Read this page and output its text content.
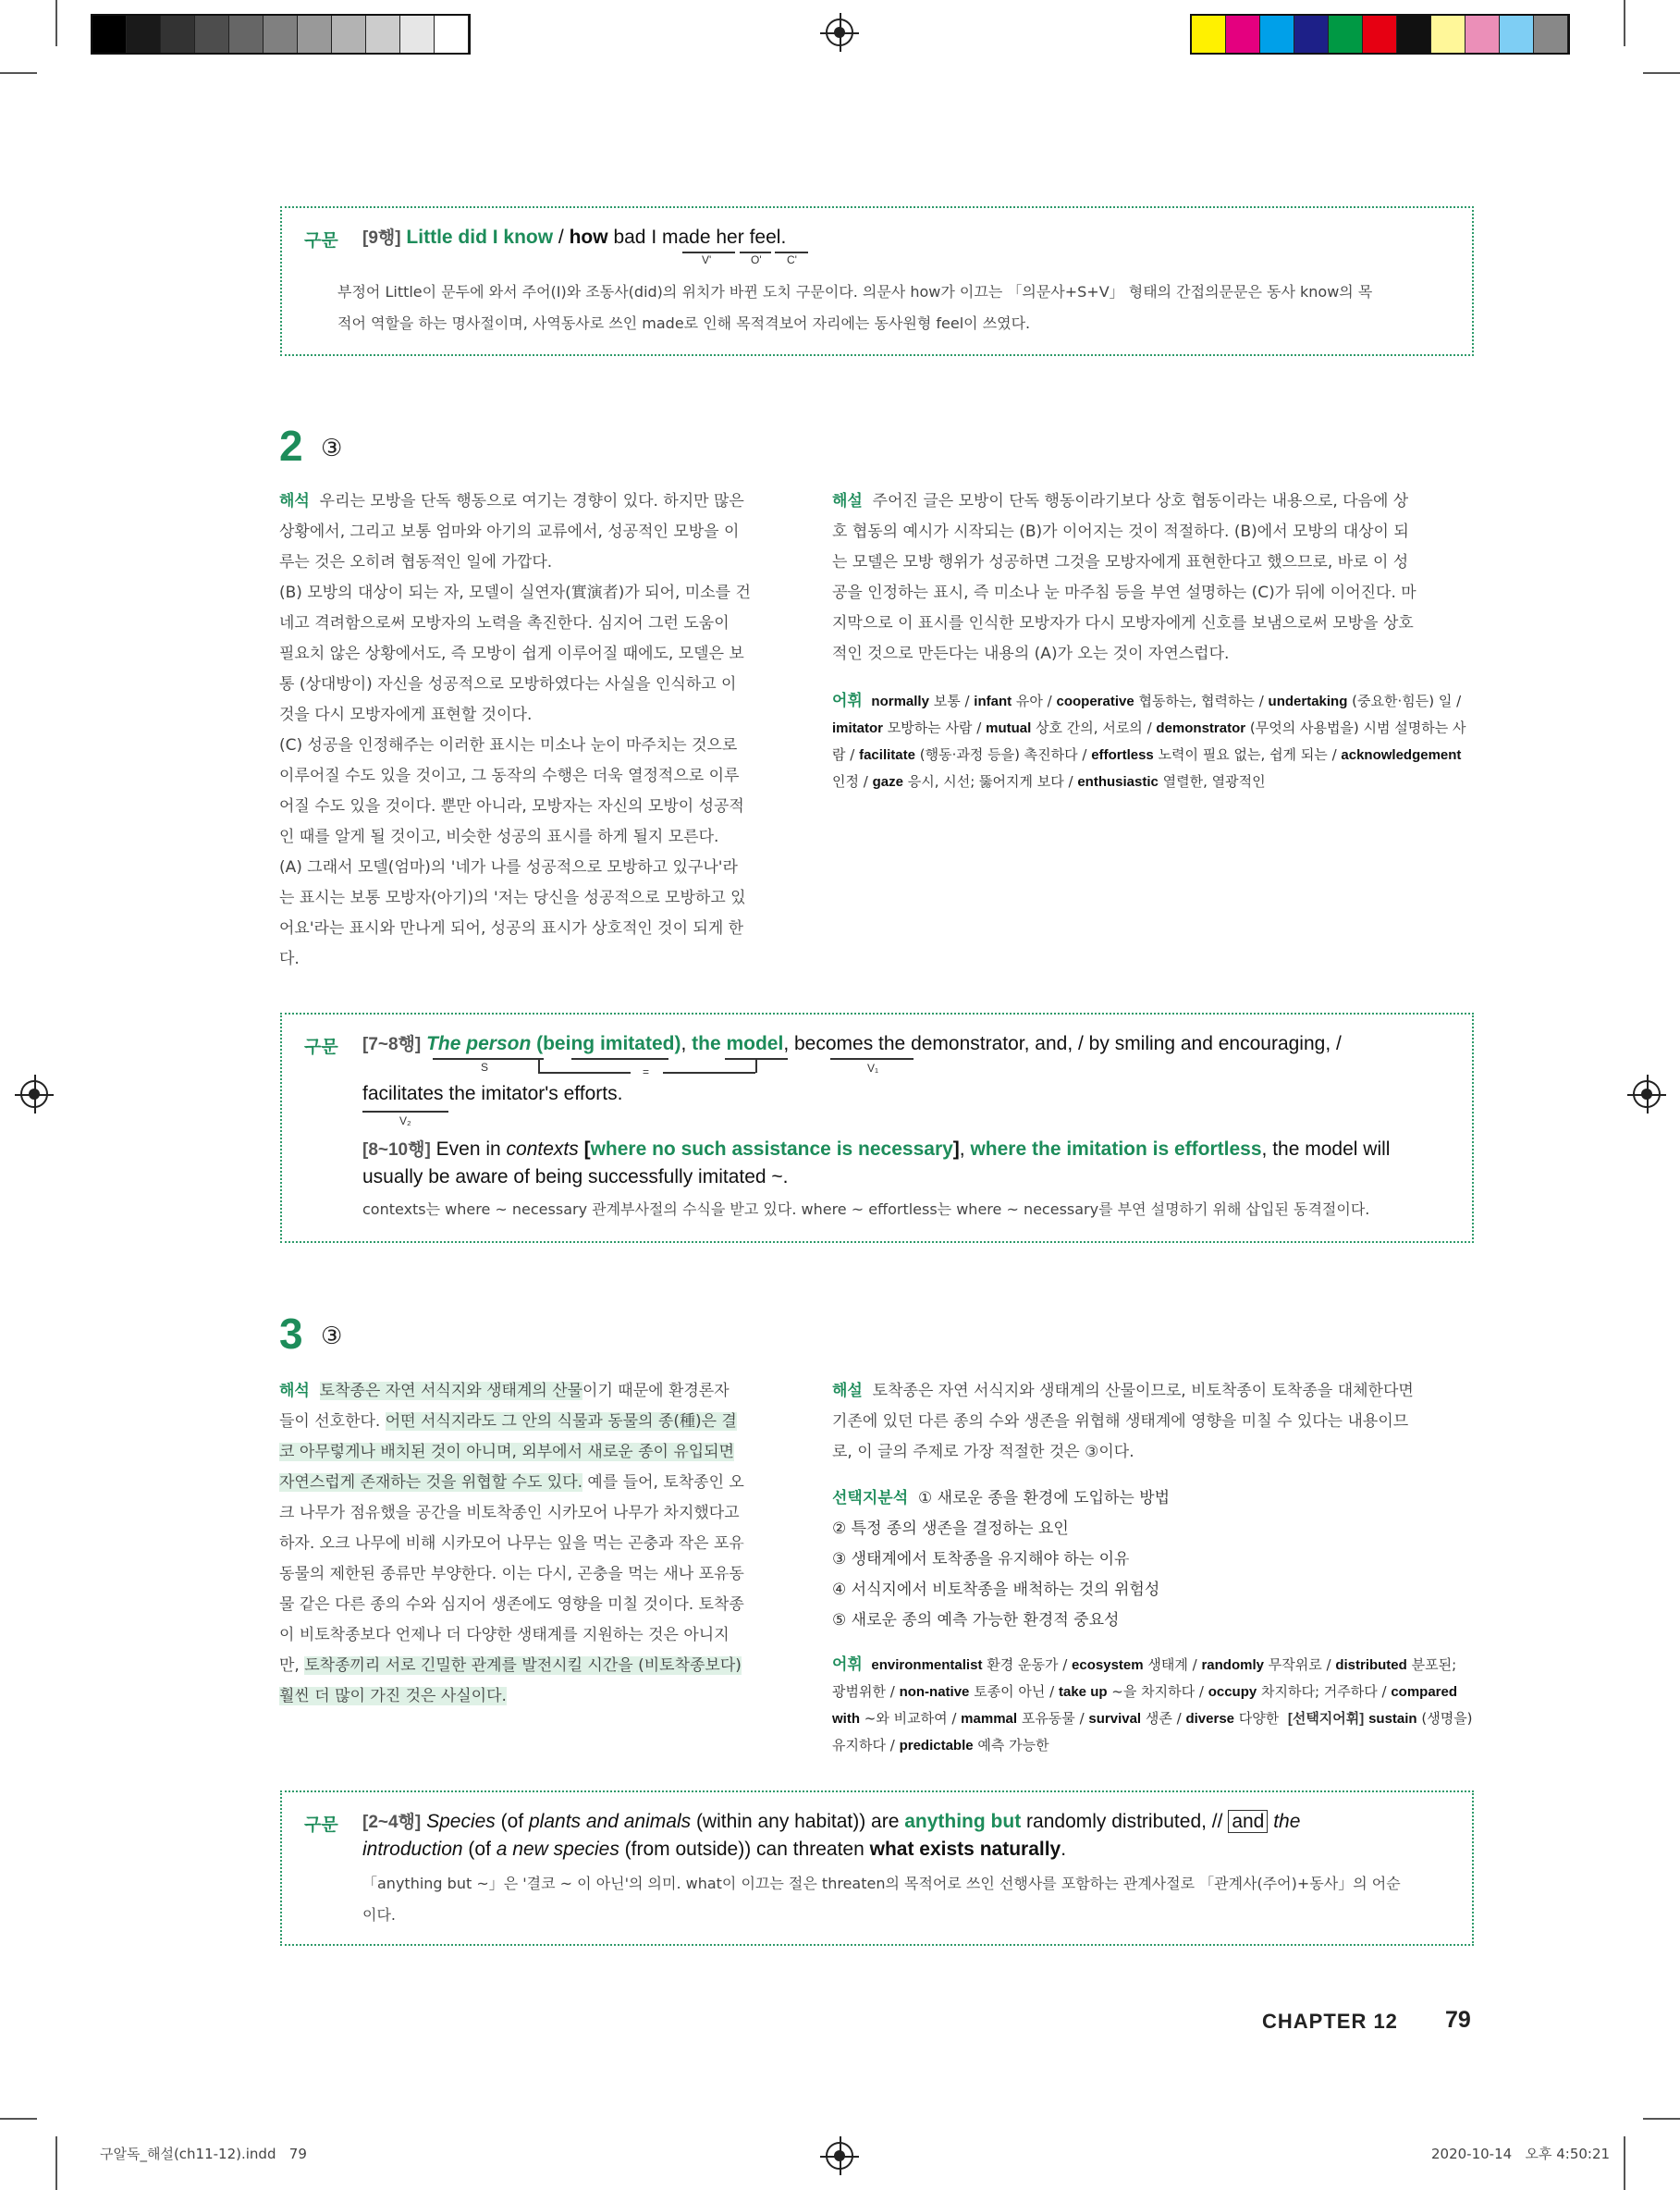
구문 [9행] Little did I know / how bad I made her feel.
V'	O' C'
부정어 Little이 문두에 와서 주어(I)와 조동사(did)의 위치가 바뀐 도치 구문이다. 의문사 how가 이끄는 「의문사+S+V」 형태의 간접의문문은 동사 know의 목
적어 역할을 하는 명사절이며, 사역동사로 쓰인 made로 인해 목적격보어 자리에는 동사원형 feel이 쓰였다.
2 ③
해석 우리는 모방을 단독 행동으로 여기는 경향이 있다. 하지만 많은
상황에서, 그리고 보통 엄마와 아기의 교류에서, 성공적인 모방을 이
루는 것은 오히려 협동적인 일에 가깝다.
(B) 모방의 대상이 되는 자, 모델이 실연자(實演者)가 되어, 미소를 건
네고 격려함으로써 모방자의 노력을 촉진한다. 심지어 그런 도움이
필요치 않은 상황에서도, 즉 모방이 쉽게 이루어질 때에도, 모델은 보
통 (상대방이) 자신을 성공적으로 모방하였다는 사실을 인식하고 이
것을 다시 모방자에게 표현할 것이다.
(C) 성공을 인정해주는 이러한 표시는 미소나 눈이 마주치는 것으로
이루어질 수도 있을 것이고, 그 동작의 수행은 더욱 열정적으로 이루
어질 수도 있을 것이다. 뿐만 아니라, 모방자는 자신의 모방이 성공적
인 때를 알게 될 것이고, 비슷한 성공의 표시를 하게 될지 모른다.
(A) 그래서 모델(엄마)의 '네가 나를 성공적으로 모방하고 있구나'라
는 표시는 보통 모방자(아기)의 '저는 당신을 성공적으로 모방하고 있
어요'라는 표시와 만나게 되어, 성공의 표시가 상호적인 것이 되게 한
다.
해설 주어진 글은 모방이 단독 행동이라기보다 상호 협동이라는 내용으로, 다음에 상
호 협동의 예시가 시작되는 (B)가 이어지는 것이 적절하다. (B)에서 모방의 대상이 되
는 모델은 모방 행위가 성공하면 그것을 모방자에게 표현한다고 했으므로, 바로 이 성
공을 인정하는 표시, 즉 미소나 눈 마주침 등을 부연 설명하는 (C)가 뒤에 이어진다. 마
지막으로 이 표시를 인식한 모방자가 다시 모방자에게 신호를 보냄으로써 모방을 상호
적인 것으로 만든다는 내용의 (A)가 오는 것이 자연스럽다.
어휘 normally 보통 / infant 유아 / cooperative 협동하는, 협력하는 / undertaking (중요한·힘든) 일 / imitator 모방하는 사람 / mutual 상호 간의, 서로의 / demonstrator (무엇의 사용법을) 시범 설명하는 사람 / facilitate (행동·과정 등을) 촉진하다 / effortless 노력이 필요 없는, 쉽게 되는 / acknowledgement 인정 / gaze 응시, 시선; 뚫어지게 보다 / enthusiastic 열렬한, 열광적인
구문 [7~8행] The person (being imitated), the model, becomes the demonstrator, and, / by smiling and encouraging, /
S	=	V₁
facilitates the imitator's efforts.
V₂
[8~10행] Even in contexts [where no such assistance is necessary], where the imitation is effortless, the model will
usually be aware of being successfully imitated ~.
contexts는 where ~ necessary 관계부사절의 수식을 받고 있다. where ~ effortless는 where ~ necessary를 부연 설명하기 위해 삽입된 동격절이다.
3 ③
해석 토착종은 자연 서식지와 생태계의 산물이기 때문에 환경론자
들이 선호한다. 어떤 서식지라도 그 안의 식물과 동물의 종(種)은 결
코 아무렇게나 배치된 것이 아니며, 외부에서 새로운 종이 유입되면
자연스럽게 존재하는 것을 위협할 수도 있다. 예를 들어, 토착종인 오
크 나무가 점유했을 공간을 비토착종인 시카모어 나무가 차지했다고
하자. 오크 나무에 비해 시카모어 나무는 잎을 먹는 곤충과 작은 포유
동물의 제한된 종류만 부양한다. 이는 다시, 곤충을 먹는 새나 포유동
물 같은 다른 종의 수와 심지어 생존에도 영향을 미칠 것이다. 토착종
이 비토착종보다 언제나 더 다양한 생태계를 지원하는 것은 아니지
만, 토착종끼리 서로 긴밀한 관계를 발전시킬 시간을 (비토착종보다)
훨씬 더 많이 가진 것은 사실이다.
해설 토착종은 자연 서식지와 생태계의 산물이므로, 비토착종이 토착종을 대체한다면
기존에 있던 다른 종의 수와 생존을 위협해 생태계에 영향을 미칠 수 있다는 내용이므
로, 이 글의 주제로 가장 적절한 것은 ③이다.
선택지분석 ① 새로운 종을 환경에 도입하는 방법
② 특정 종의 생존을 결정하는 요인
③ 생태계에서 토착종을 유지해야 하는 이유
④ 서식지에서 비토착종을 배척하는 것의 위험성
⑤ 새로운 종의 예측 가능한 환경적 중요성
어휘 environmentalist 환경 운동가 / ecosystem 생태계 / randomly 무작위로 / distributed 분포된; 광범위한 / non-native 토종이 아닌 / take up ~을 차지하다 / occupy 차지하다; 거주하다 / compared with ~와 비교하여 / mammal 포유동물 / survival 생존 / diverse 다양한 [선택지어휘] sustain (생명을) 유지하다 / predictable 예측 가능한
구문 [2~4행] Species (of plants and animals (within any habitat)) are anything but randomly distributed, // and the
introduction (of a new species (from outside)) can threaten what exists naturally.
「anything but ~」은 '결코 ~ 이 아닌'의 의미. what이 이끄는 절은 threaten의 목적어로 쓰인 선행사를 포함하는 관계사절로 「관계사(주어)+동사」의 어순
이다.
CHAPTER 12 79
구알독_해설(ch11-12).indd   79	2020-10-14   오후 4:50:21
